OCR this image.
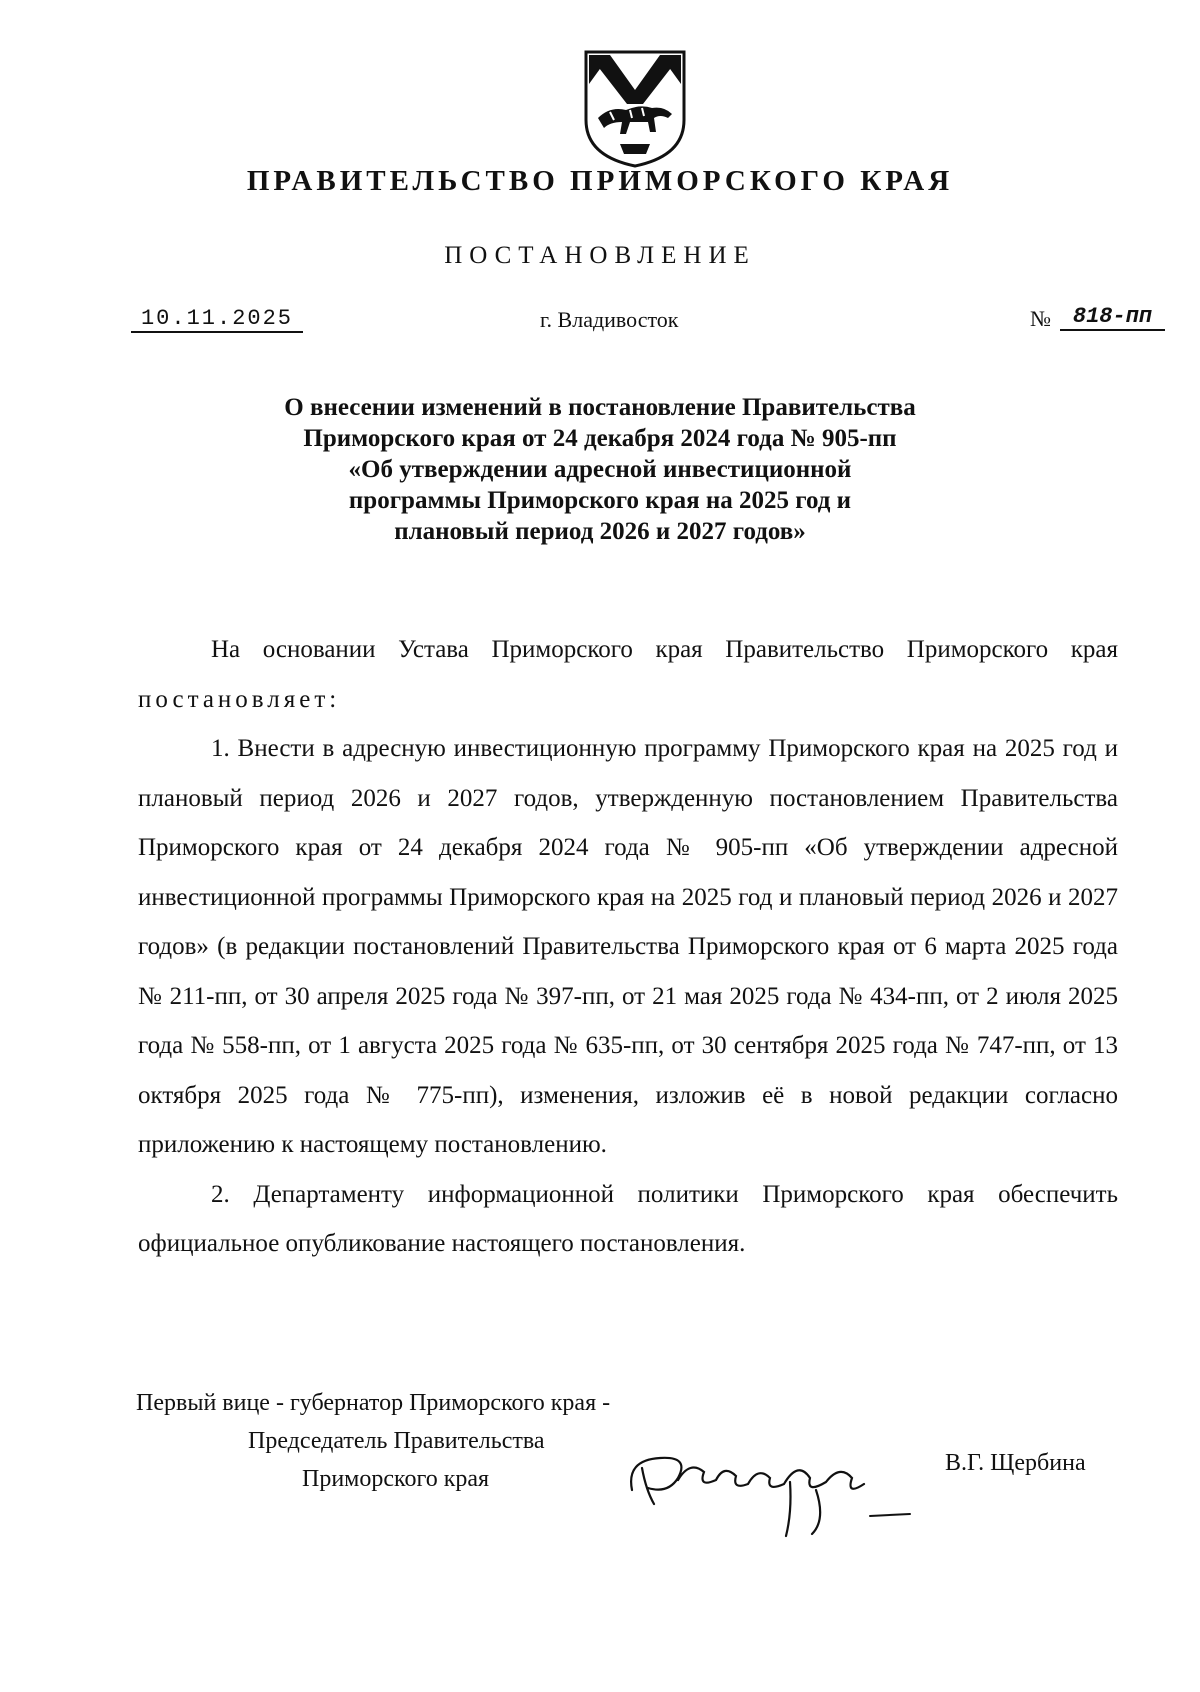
ПРАВИТЕЛЬСТВО ПРИМОРСКОГО КРАЯ
ПОСТАНОВЛЕНИЕ
10.11.2025	г. Владивосток	№ 818-пп
О внесении изменений в постановление Правительства
Приморского края от 24 декабря 2024 года № 905-пп
«Об утверждении адресной инвестиционной
программы Приморского края на 2025 год и
плановый период 2026 и 2027 годов»

На основании Устава Приморского края Правительство Приморского края постановляет:

1. Внести в адресную инвестиционную программу Приморского края на 2025 год и плановый период 2026 и 2027 годов, утвержденную постановлением Правительства Приморского края от 24 декабря 2024 года № 905-пп «Об утверждении адресной инвестиционной программы Приморского края на 2025 год и плановый период 2026 и 2027 годов» (в редакции постановлений Правительства Приморского края от 6 марта 2025 года № 211-пп, от 30 апреля 2025 года № 397-пп, от 21 мая 2025 года № 434-пп, от 2 июля 2025 года № 558-пп, от 1 августа 2025 года № 635-пп, от 30 сентября 2025 года № 747-пп, от 13 октября 2025 года № 775-пп), изменения, изложив её в новой редакции согласно приложению к настоящему постановлению.

2. Департаменту информационной политики Приморского края обеспечить официальное опубликование настоящего постановления.

Первый вице - губернатор Приморского края -
Председатель Правительства
Приморского края
В.Г. Щербина
